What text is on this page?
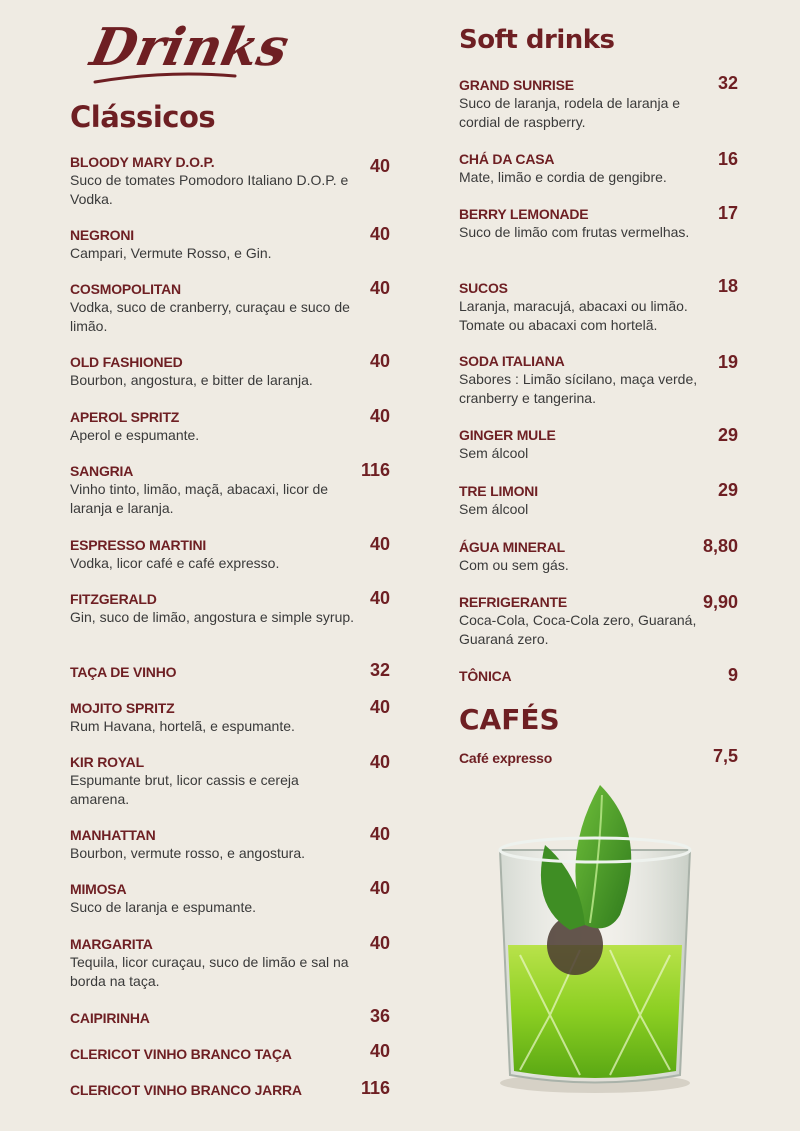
Drinks
Clássicos
Soft drinks
CAFÉS
BLOODY MARY D.O.P.
Suco de tomates Pomodoro Italiano D.O.P. e Vodka.
40
NEGRONI
Campari, Vermute Rosso, e Gin.
40
COSMOPOLITAN
Vodka, suco de cranberry, curaçau e suco de limão.
40
OLD FASHIONED
Bourbon, angostura, e bitter de laranja.
40
APEROL SPRITZ
Aperol e espumante.
40
SANGRIA
Vinho tinto, limão, maçã, abacaxi, licor de laranja e laranja.
116
ESPRESSO MARTINI
Vodka, licor café e café expresso.
40
FITZGERALD
Gin, suco de limão, angostura e simple syrup.
40
TAÇA DE VINHO	32
MOJITO SPRITZ
Rum Havana, hortelã, e espumante.
40
KIR ROYAL
Espumante brut, licor cassis e cereja amarena.
40
MANHATTAN
Bourbon, vermute rosso, e angostura.
40
MIMOSA
Suco de laranja e espumante.
40
MARGARITA
Tequila, licor curaçau, suco de limão e sal na borda na taça.
40
CAIPIRINHA	36
CLERICOT VINHO BRANCO TAÇA	40
CLERICOT VINHO BRANCO JARRA	116
GRAND SUNRISE
Suco de laranja, rodela de laranja e cordial de raspberry.
32
CHÁ DA CASA
Mate, limão e cordia de gengibre.
16
BERRY LEMONADE
Suco de limão com frutas vermelhas.
17
SUCOS
Laranja, maracujá, abacaxi ou limão. Tomate ou abacaxi com hortelã.
18
SODA ITALIANA
Sabores : Limão sícilano, maça verde, cranberry e tangerina.
19
GINGER MULE
Sem álcool
29
TRE LIMONI
Sem álcool
29
ÁGUA MINERAL
Com ou sem gás.
8,80
REFRIGERANTE
Coca-Cola, Coca-Cola zero, Guaraná, Guaraná zero.
9,90
TÔNICA	9
Café expresso	7,5
